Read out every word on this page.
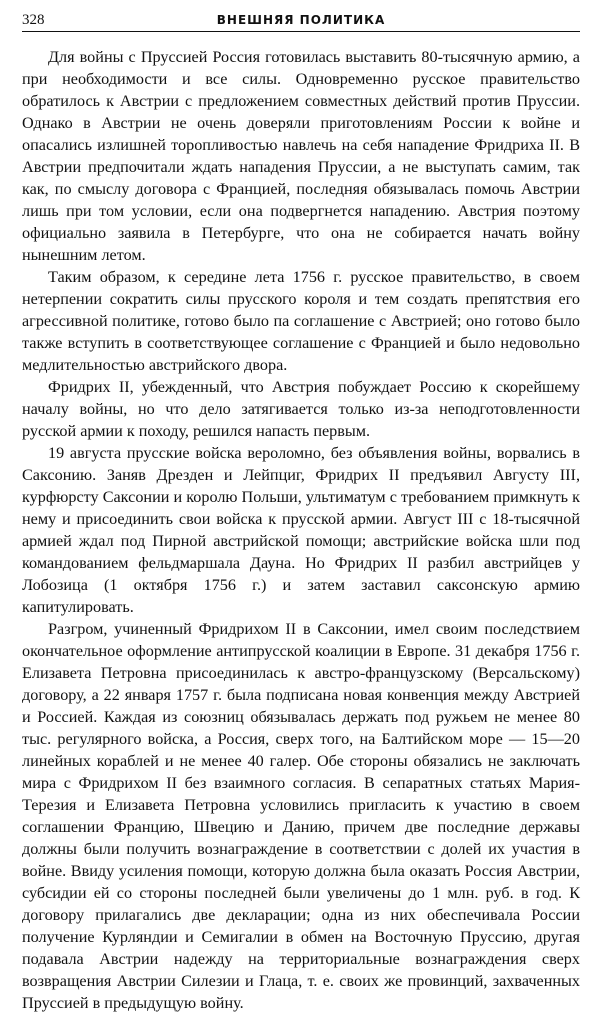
328	ВНЕШНЯЯ ПОЛИТИКА

Для войны с Пруссией Россия готовилась выставить 80-тысячную армию, а при необходимости и все силы. Одновременно русское правительство обратилось к Австрии с предложением совместных действий против Пруссии. Однако в Австрии не очень доверяли приготовлениям России к войне и опасались излишней торопливостью навлечь на себя нападение Фридриха II. В Австрии предпочитали ждать нападения Пруссии, а не выступать самим, так как, по смыслу договора с Францией, последняя обязывалась помочь Австрии лишь при том условии, если она подвергнется нападению. Австрия поэтому официально заявила в Петербурге, что она не собирается начать войну нынешним летом.

Таким образом, к середине лета 1756 г. русское правительство, в своем нетерпении сократить силы прусского короля и тем создать препятствия его агрессивной политике, готово было па соглашение с Австрией; оно готово было также вступить в соответствующее соглашение с Францией и было недовольно медлительностью австрийского двора.

Фридрих II, убежденный, что Австрия побуждает Россию к скорейшему началу войны, но что дело затягивается только из-за неподготовленности русской армии к походу, решился напасть первым.

19 августа прусские войска вероломно, без объявления войны, ворвались в Саксонию. Заняв Дрезден и Лейпциг, Фридрих II предъявил Августу III, курфюрсту Саксонии и королю Польши, ультиматум с требованием примкнуть к нему и присоединить свои войска к прусской армии. Август III с 18-тысячной армией ждал под Пирной австрийской помощи; австрийские войска шли под командованием фельдмаршала Дауна. Но Фридрих II разбил австрийцев у Лобозица (1 октября 1756 г.) и затем заставил саксонскую армию капитулировать.

Разгром, учиненный Фридрихом II в Саксонии, имел своим последствием окончательное оформление антипрусской коалиции в Европе. 31 декабря 1756 г. Елизавета Петровна присоединилась к австро-французскому (Версальскому) договору, а 22 января 1757 г. была подписана новая конвенция между Австрией и Россией. Каждая из союзниц обязывалась держать под ружьем не менее 80 тыс. регулярного войска, а Россия, сверх того, на Балтийском море — 15—20 линейных кораблей и не менее 40 галер. Обе стороны обязались не заключать мира с Фридрихом II без взаимного согласия. В сепаратных статьях Мария-Терезия и Елизавета Петровна условились пригласить к участию в своем соглашении Францию, Швецию и Данию, причем две последние державы должны были получить вознаграждение в соответствии с долей их участия в войне. Ввиду усиления помощи, которую должна была оказать Россия Австрии, субсидии ей со стороны последней были увеличены до 1 млн. руб. в год. К договору прилагались две декларации; одна из них обеспечивала России получение Курляндии и Семигалии в обмен на Восточную Пруссию, другая подавала Австрии надежду на территориальные вознаграждения сверх возвращения Австрии Силезии и Глаца, т. е. своих же провинций, захваченных Пруссией в предыдущую войну.
